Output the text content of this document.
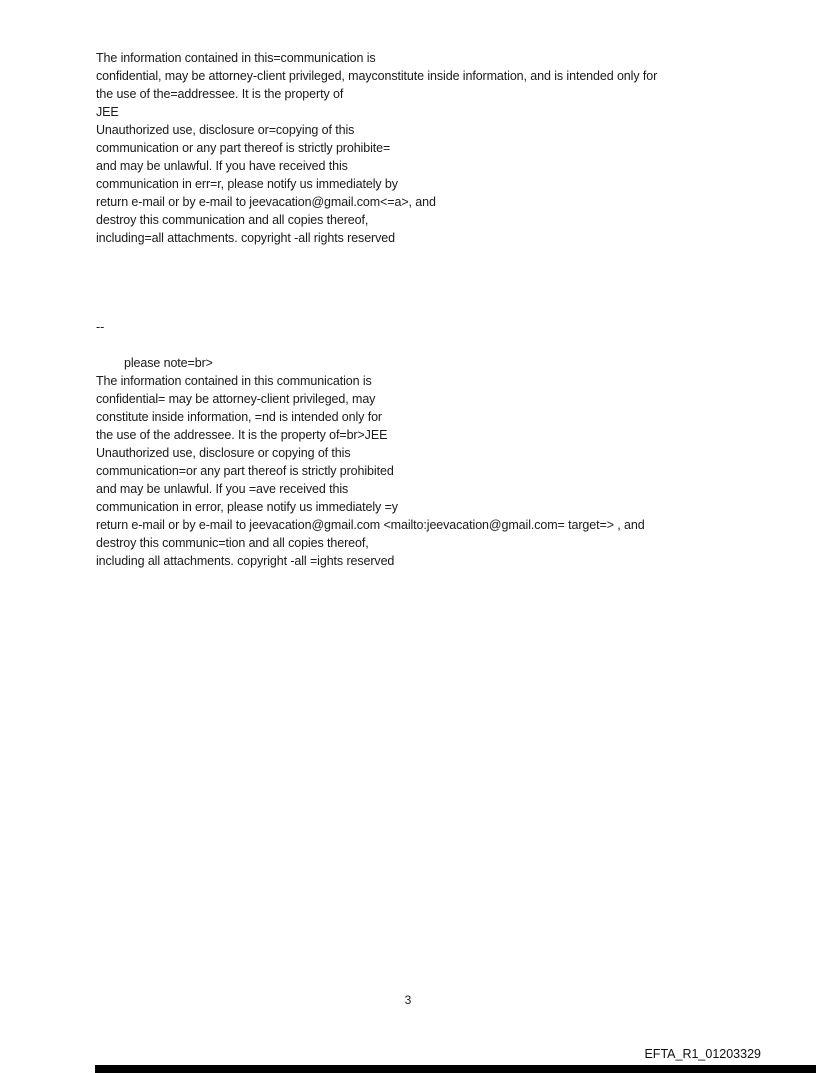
The information contained in this=communication is
confidential, may be attorney-client privileged, mayconstitute inside information, and is intended only for
the use of the=addressee. It is the property of
JEE
Unauthorized use, disclosure or=copying of this
communication or any part thereof is strictly prohibite=
and may be unlawful. If you have received this
communication in err=r, please notify us immediately by
return e-mail or by e-mail to jeevacation@gmail.com<=a>, and
destroy this communication and all copies thereof,
including=all attachments. copyright -all rights reserved
--
please note=br>
The information contained in this communication is
confidential= may be attorney-client privileged, may
constitute inside information, =nd is intended only for
the use of the addressee. It is the property of=br>JEE
Unauthorized use, disclosure or copying of this
communication=or any part thereof is strictly prohibited
and may be unlawful. If you =ave received this
communication in error, please notify us immediately =y
return e-mail or by e-mail to jeevacation@gmail.com <mailto:jeevacation@gmail.com= target=> , and
destroy this communic=tion and all copies thereof,
including all attachments. copyright -all =ights reserved
3
EFTA_R1_01203329
